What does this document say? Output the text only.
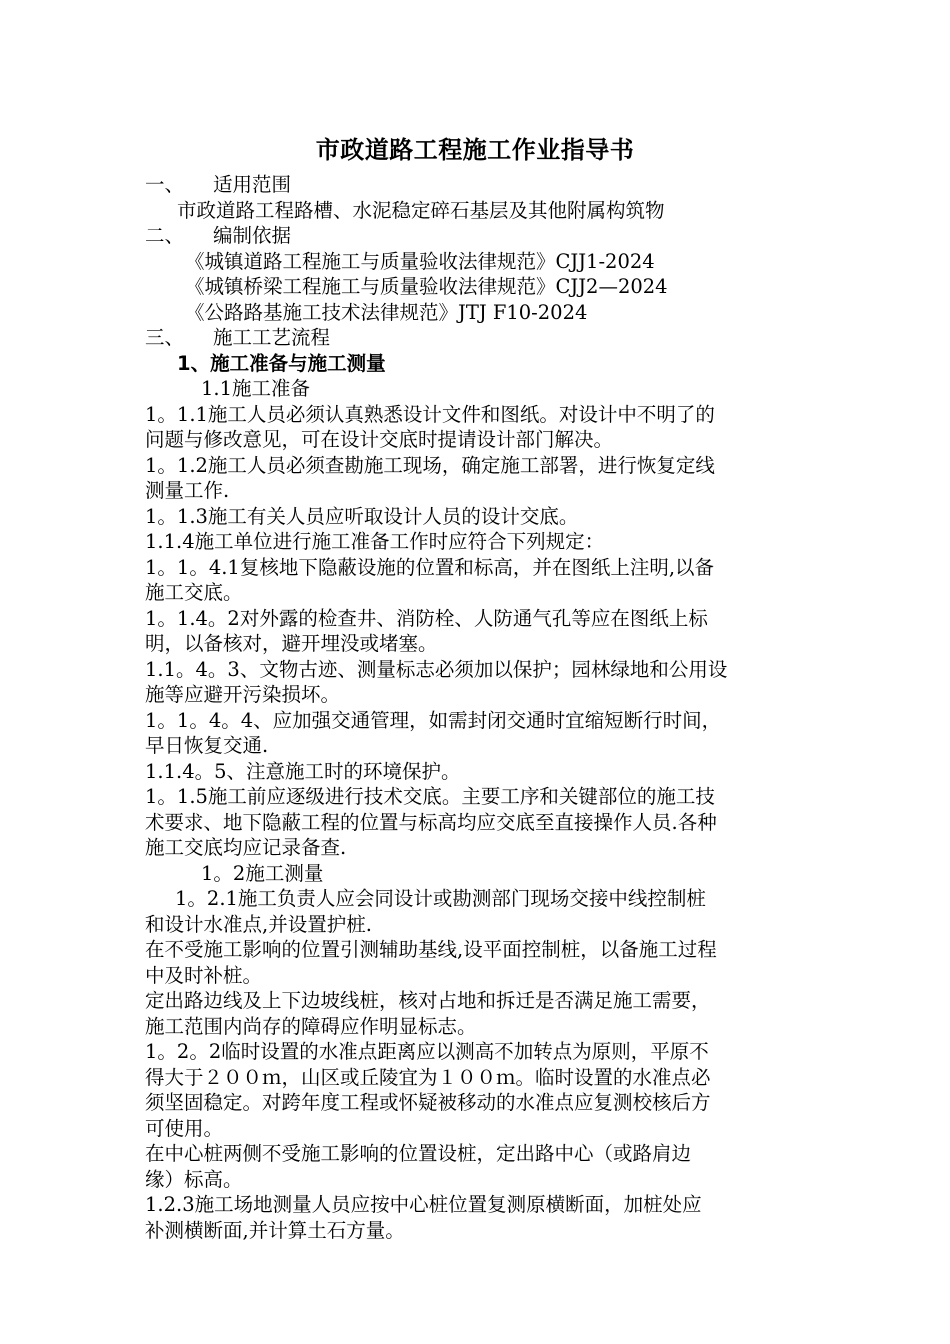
市政道路工程施工作业指导书
一、 适用范围
市政道路工程路槽、水泥稳定碎石基层及其他附属构筑物
二、 编制依据
《城镇道路工程施工与质量验收法律规范》CJJ1-2024
《城镇桥梁工程施工与质量验收法律规范》CJJ2—2024
《公路路基施工技术法律规范》JTJ F10-2024
三、 施工工艺流程
1、施工准备与施工测量
1.1施工准备
1。1.1施工人员必须认真熟悉设计文件和图纸。对设计中不明了的
问题与修改意见，可在设计交底时提请设计部门解决。
1。1.2施工人员必须查勘施工现场，确定施工部署，进行恢复定线
测量工作.
1。1.3施工有关人员应听取设计人员的设计交底。
1.1.4施工单位进行施工准备工作时应符合下列规定：
1。1。4.1复核地下隐蔽设施的位置和标高，并在图纸上注明,以备
施工交底。
1。1.4。2对外露的检查井、消防栓、人防通气孔等应在图纸上标
明，以备核对，避开埋没或堵塞。
1.1。4。3、文物古迹、测量标志必须加以保护；园林绿地和公用设
施等应避开污染损坏。
1。1。4。4、应加强交通管理，如需封闭交通时宜缩短断行时间，
早日恢复交通.
1.1.4。5、注意施工时的环境保护。
1。1.5施工前应逐级进行技术交底。主要工序和关键部位的施工技
术要求、地下隐蔽工程的位置与标高均应交底至直接操作人员.各种
施工交底均应记录备查.
1。2施工测量
1。2.1施工负责人应会同设计或勘测部门现场交接中线控制桩
和设计水准点,并设置护桩.
在不受施工影响的位置引测辅助基线,设平面控制桩，以备施工过程
中及时补桩。
定出路边线及上下边坡线桩，核对占地和拆迁是否满足施工需要，
施工范围内尚存的障碍应作明显标志。
1。2。2临时设置的水准点距离应以测高不加转点为原则，平原不
得大于２００ｍ，山区或丘陵宜为１００ｍ。临时设置的水准点必
须坚固稳定。对跨年度工程或怀疑被移动的水准点应复测校核后方
可使用。
在中心桩两侧不受施工影响的位置设桩，定出路中心（或路肩边
缘）标高。
1.2.3施工场地测量人员应按中心桩位置复测原横断面，加桩处应
补测横断面,并计算土石方量。
